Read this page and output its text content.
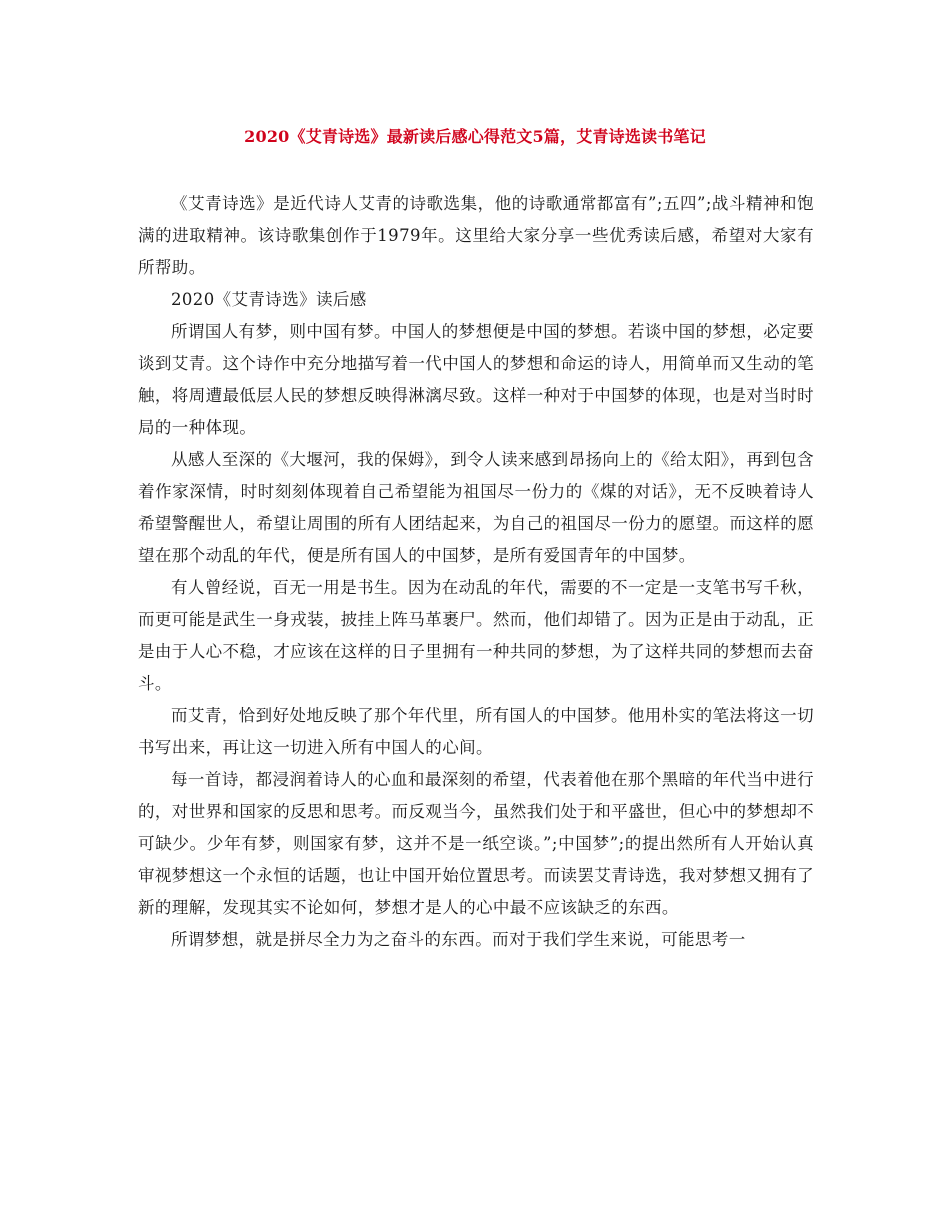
2020《艾青诗选》最新读后感心得范文5篇，艾青诗选读书笔记

《艾青诗选》是近代诗人艾青的诗歌选集，他的诗歌通常都富有”;五四”;战斗精神和饱满的进取精神。该诗歌集创作于1979年。这里给大家分享一些优秀读后感，希望对大家有所帮助。

2020《艾青诗选》读后感

所谓国人有梦，则中国有梦。中国人的梦想便是中国的梦想。若谈中国的梦想，必定要谈到艾青。这个诗作中充分地描写着一代中国人的梦想和命运的诗人，用简单而又生动的笔触，将周遭最低层人民的梦想反映得淋漓尽致。这样一种对于中国梦的体现，也是对当时时局的一种体现。

从感人至深的《大堰河，我的保姆》，到令人读来感到昂扬向上的《给太阳》，再到包含着作家深情，时时刻刻体现着自己希望能为祖国尽一份力的《煤的对话》，无不反映着诗人希望警醒世人，希望让周围的所有人团结起来，为自己的祖国尽一份力的愿望。而这样的愿望在那个动乱的年代，便是所有国人的中国梦，是所有爱国青年的中国梦。

有人曾经说，百无一用是书生。因为在动乱的年代，需要的不一定是一支笔书写千秋，而更可能是武生一身戎装，披挂上阵马革裹尸。然而，他们却错了。因为正是由于动乱，正是由于人心不稳，才应该在这样的日子里拥有一种共同的梦想，为了这样共同的梦想而去奋斗。

而艾青，恰到好处地反映了那个年代里，所有国人的中国梦。他用朴实的笔法将这一切书写出来，再让这一切进入所有中国人的心间。

每一首诗，都浸润着诗人的心血和最深刻的希望，代表着他在那个黑暗的年代当中进行的，对世界和国家的反思和思考。而反观当今，虽然我们处于和平盛世，但心中的梦想却不可缺少。少年有梦，则国家有梦，这并不是一纸空谈。”;中国梦”;的提出然所有人开始认真审视梦想这一个永恒的话题，也让中国开始位置思考。而读罢艾青诗选，我对梦想又拥有了新的理解，发现其实不论如何，梦想才是人的心中最不应该缺乏的东西。

所谓梦想，就是拼尽全力为之奋斗的东西。而对于我们学生来说，可能思考一
